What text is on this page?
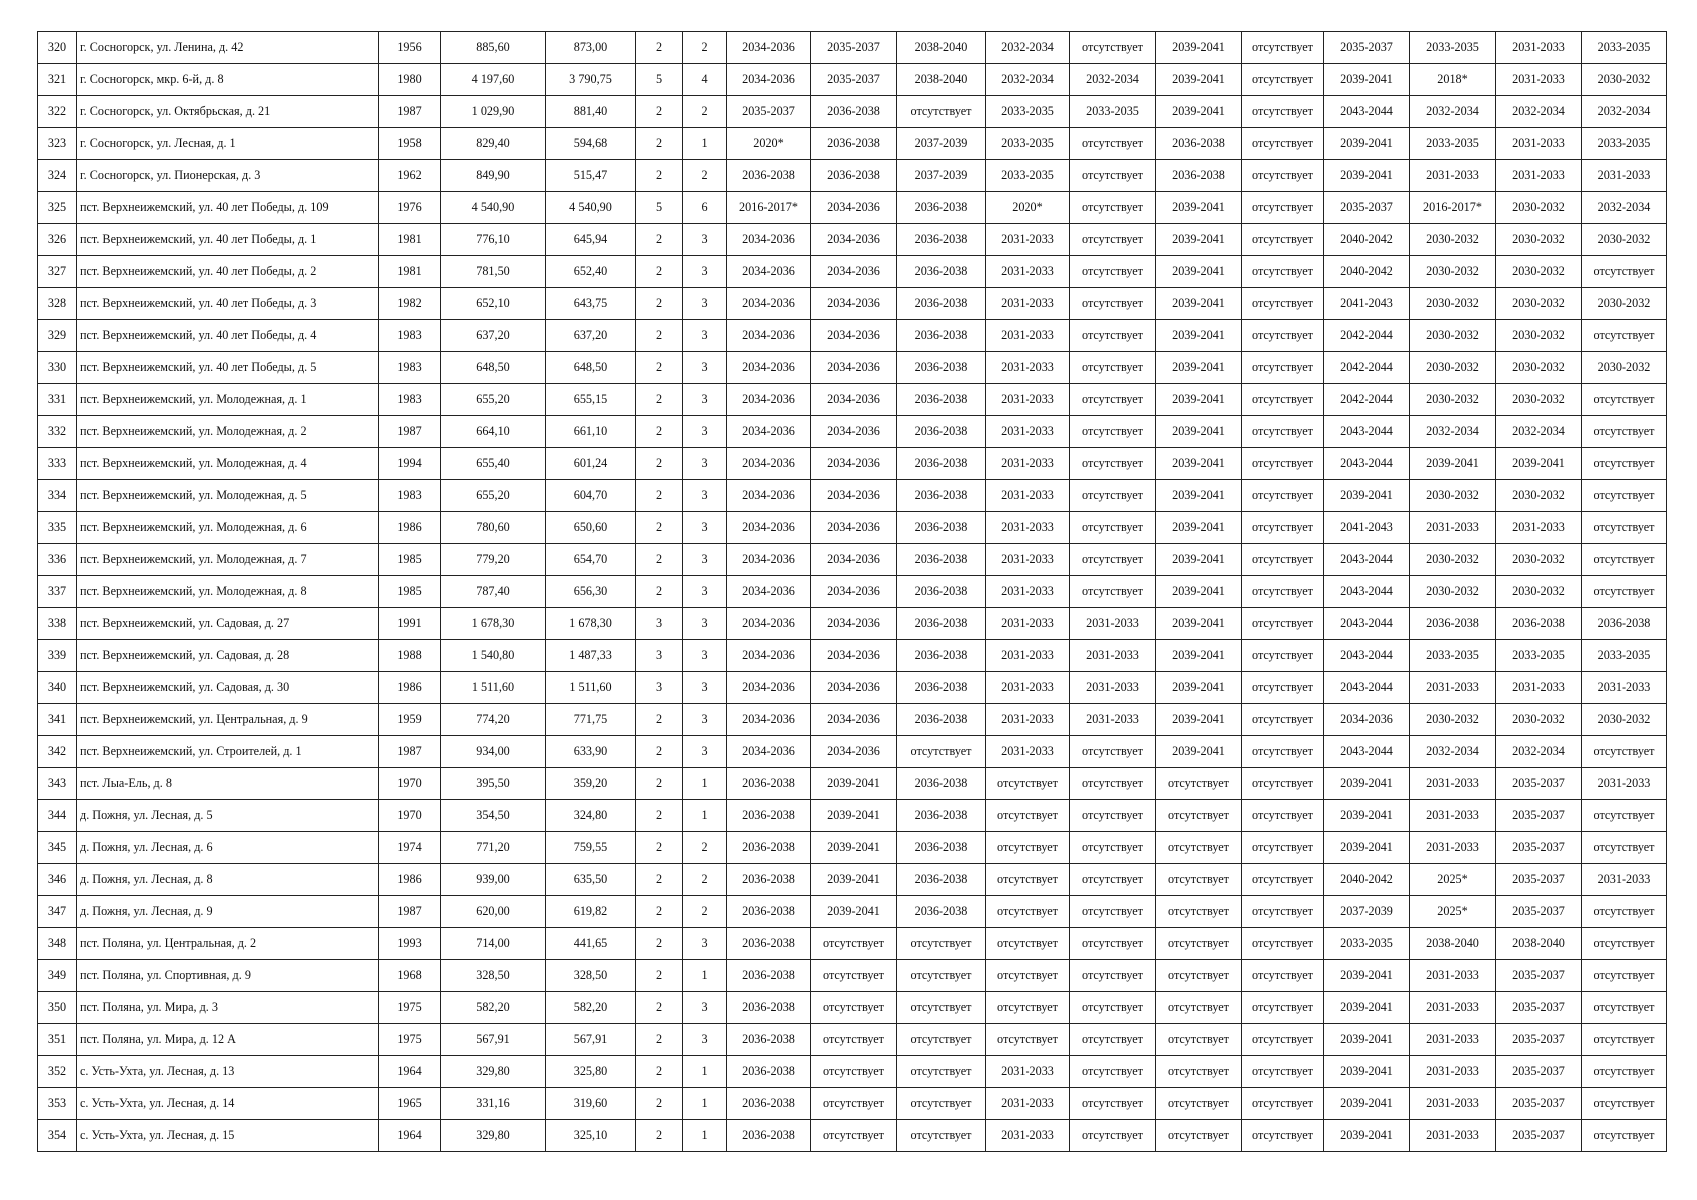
320	г. Сосногорск, ул. Ленина, д. 42	1956	885,60	873,00	2	2	2034-2036	2035-2037	2038-2040	2032-2034	отсутствует	2039-2041	отсутствует	2035-2037	2033-2035	2031-2033	2033-2035
321	г. Сосногорск, мкр. 6-й, д. 8	1980	4 197,60	3 790,75	5	4	2034-2036	2035-2037	2038-2040	2032-2034	2032-2034	2039-2041	отсутствует	2039-2041	2018*	2031-2033	2030-2032
322	г. Сосногорск, ул. Октябрьская, д. 21	1987	1 029,90	881,40	2	2	2035-2037	2036-2038	отсутствует	2033-2035	2033-2035	2039-2041	отсутствует	2043-2044	2032-2034	2032-2034	2032-2034
323	г. Сосногорск, ул. Лесная, д. 1	1958	829,40	594,68	2	1	2020*	2036-2038	2037-2039	2033-2035	отсутствует	2036-2038	отсутствует	2039-2041	2033-2035	2031-2033	2033-2035
324	г. Сосногорск, ул. Пионерская, д. 3	1962	849,90	515,47	2	2	2036-2038	2036-2038	2037-2039	2033-2035	отсутствует	2036-2038	отсутствует	2039-2041	2031-2033	2031-2033	2031-2033
325	пст. Верхнеижемский, ул. 40 лет Победы, д. 109	1976	4 540,90	4 540,90	5	6	2016-2017*	2034-2036	2036-2038	2020*	отсутствует	2039-2041	отсутствует	2035-2037	2016-2017*	2030-2032	2032-2034
326	пст. Верхнеижемский, ул. 40 лет Победы, д. 1	1981	776,10	645,94	2	3	2034-2036	2034-2036	2036-2038	2031-2033	отсутствует	2039-2041	отсутствует	2040-2042	2030-2032	2030-2032	2030-2032
327	пст. Верхнеижемский, ул. 40 лет Победы, д. 2	1981	781,50	652,40	2	3	2034-2036	2034-2036	2036-2038	2031-2033	отсутствует	2039-2041	отсутствует	2040-2042	2030-2032	2030-2032	отсутствует
328	пст. Верхнеижемский, ул. 40 лет Победы, д. 3	1982	652,10	643,75	2	3	2034-2036	2034-2036	2036-2038	2031-2033	отсутствует	2039-2041	отсутствует	2041-2043	2030-2032	2030-2032	2030-2032
329	пст. Верхнеижемский, ул. 40 лет Победы, д. 4	1983	637,20	637,20	2	3	2034-2036	2034-2036	2036-2038	2031-2033	отсутствует	2039-2041	отсутствует	2042-2044	2030-2032	2030-2032	отсутствует
330	пст. Верхнеижемский, ул. 40 лет Победы, д. 5	1983	648,50	648,50	2	3	2034-2036	2034-2036	2036-2038	2031-2033	отсутствует	2039-2041	отсутствует	2042-2044	2030-2032	2030-2032	2030-2032
331	пст. Верхнеижемский, ул. Молодежная, д. 1	1983	655,20	655,15	2	3	2034-2036	2034-2036	2036-2038	2031-2033	отсутствует	2039-2041	отсутствует	2042-2044	2030-2032	2030-2032	отсутствует
332	пст. Верхнеижемский, ул. Молодежная, д. 2	1987	664,10	661,10	2	3	2034-2036	2034-2036	2036-2038	2031-2033	отсутствует	2039-2041	отсутствует	2043-2044	2032-2034	2032-2034	отсутствует
333	пст. Верхнеижемский, ул. Молодежная, д. 4	1994	655,40	601,24	2	3	2034-2036	2034-2036	2036-2038	2031-2033	отсутствует	2039-2041	отсутствует	2043-2044	2039-2041	2039-2041	отсутствует
334	пст. Верхнеижемский, ул. Молодежная, д. 5	1983	655,20	604,70	2	3	2034-2036	2034-2036	2036-2038	2031-2033	отсутствует	2039-2041	отсутствует	2039-2041	2030-2032	2030-2032	отсутствует
335	пст. Верхнеижемский, ул. Молодежная, д. 6	1986	780,60	650,60	2	3	2034-2036	2034-2036	2036-2038	2031-2033	отсутствует	2039-2041	отсутствует	2041-2043	2031-2033	2031-2033	отсутствует
336	пст. Верхнеижемский, ул. Молодежная, д. 7	1985	779,20	654,70	2	3	2034-2036	2034-2036	2036-2038	2031-2033	отсутствует	2039-2041	отсутствует	2043-2044	2030-2032	2030-2032	отсутствует
337	пст. Верхнеижемский, ул. Молодежная, д. 8	1985	787,40	656,30	2	3	2034-2036	2034-2036	2036-2038	2031-2033	отсутствует	2039-2041	отсутствует	2043-2044	2030-2032	2030-2032	отсутствует
338	пст. Верхнеижемский, ул. Садовая, д. 27	1991	1 678,30	1 678,30	3	3	2034-2036	2034-2036	2036-2038	2031-2033	2031-2033	2039-2041	отсутствует	2043-2044	2036-2038	2036-2038	2036-2038
339	пст. Верхнеижемский, ул. Садовая, д. 28	1988	1 540,80	1 487,33	3	3	2034-2036	2034-2036	2036-2038	2031-2033	2031-2033	2039-2041	отсутствует	2043-2044	2033-2035	2033-2035	2033-2035
340	пст. Верхнеижемский, ул. Садовая, д. 30	1986	1 511,60	1 511,60	3	3	2034-2036	2034-2036	2036-2038	2031-2033	2031-2033	2039-2041	отсутствует	2043-2044	2031-2033	2031-2033	2031-2033
341	пст. Верхнеижемский, ул. Центральная, д. 9	1959	774,20	771,75	2	3	2034-2036	2034-2036	2036-2038	2031-2033	2031-2033	2039-2041	отсутствует	2034-2036	2030-2032	2030-2032	2030-2032
342	пст. Верхнеижемский, ул. Строителей, д. 1	1987	934,00	633,90	2	3	2034-2036	2034-2036	отсутствует	2031-2033	отсутствует	2039-2041	отсутствует	2043-2044	2032-2034	2032-2034	отсутствует
343	пст. Лыа-Ель, д. 8	1970	395,50	359,20	2	1	2036-2038	2039-2041	2036-2038	отсутствует	отсутствует	отсутствует	отсутствует	2039-2041	2031-2033	2035-2037	2031-2033
344	д. Пожня, ул. Лесная, д. 5	1970	354,50	324,80	2	1	2036-2038	2039-2041	2036-2038	отсутствует	отсутствует	отсутствует	отсутствует	2039-2041	2031-2033	2035-2037	отсутствует
345	д. Пожня, ул. Лесная, д. 6	1974	771,20	759,55	2	2	2036-2038	2039-2041	2036-2038	отсутствует	отсутствует	отсутствует	отсутствует	2039-2041	2031-2033	2035-2037	отсутствует
346	д. Пожня, ул. Лесная, д. 8	1986	939,00	635,50	2	2	2036-2038	2039-2041	2036-2038	отсутствует	отсутствует	отсутствует	отсутствует	2040-2042	2025*	2035-2037	2031-2033
347	д. Пожня, ул. Лесная, д. 9	1987	620,00	619,82	2	2	2036-2038	2039-2041	2036-2038	отсутствует	отсутствует	отсутствует	отсутствует	2037-2039	2025*	2035-2037	отсутствует
348	пст. Поляна, ул. Центральная, д. 2	1993	714,00	441,65	2	3	2036-2038	отсутствует	отсутствует	отсутствует	отсутствует	отсутствует	отсутствует	2033-2035	2038-2040	2038-2040	отсутствует
349	пст. Поляна, ул. Спортивная, д. 9	1968	328,50	328,50	2	1	2036-2038	отсутствует	отсутствует	отсутствует	отсутствует	отсутствует	отсутствует	2039-2041	2031-2033	2035-2037	отсутствует
350	пст. Поляна, ул. Мира, д. 3	1975	582,20	582,20	2	3	2036-2038	отсутствует	отсутствует	отсутствует	отсутствует	отсутствует	отсутствует	2039-2041	2031-2033	2035-2037	отсутствует
351	пст. Поляна, ул. Мира, д. 12 А	1975	567,91	567,91	2	3	2036-2038	отсутствует	отсутствует	отсутствует	отсутствует	отсутствует	отсутствует	2039-2041	2031-2033	2035-2037	отсутствует
352	с. Усть-Ухта, ул. Лесная, д. 13	1964	329,80	325,80	2	1	2036-2038	отсутствует	отсутствует	2031-2033	отсутствует	отсутствует	отсутствует	2039-2041	2031-2033	2035-2037	отсутствует
353	с. Усть-Ухта, ул. Лесная, д. 14	1965	331,16	319,60	2	1	2036-2038	отсутствует	отсутствует	2031-2033	отсутствует	отсутствует	отсутствует	2039-2041	2031-2033	2035-2037	отсутствует
354	с. Усть-Ухта, ул. Лесная, д. 15	1964	329,80	325,10	2	1	2036-2038	отсутствует	отсутствует	2031-2033	отсутствует	отсутствует	отсутствует	2039-2041	2031-2033	2035-2037	отсутствует
